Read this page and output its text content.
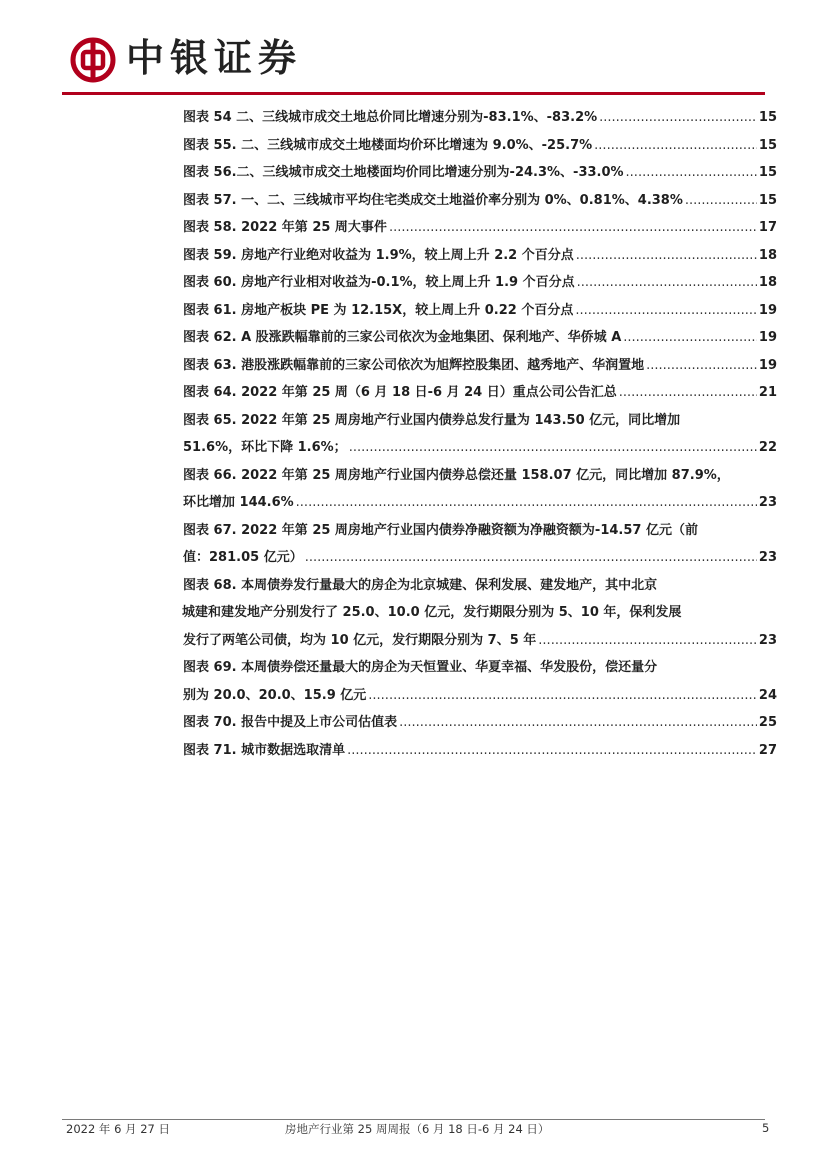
中银证券
图表 54 二、三线城市成交土地总价同比增速分别为-83.1%、-83.2% .....	15
图表 55. 二、三线城市成交土地楼面均价环比增速为 9.0%、-25.7% .....	15
图表 56.二、三线城市成交土地楼面均价同比增速分别为-24.3%、-33.0% .....	15
图表 57. 一、二、三线城市平均住宅类成交土地溢价率分别为 0%、0.81%、4.38% .....	15
图表 58. 2022 年第 25 周大事件 .....	17
图表 59. 房地产行业绝对收益为 1.9%，较上周上升 2.2 个百分点 .....	18
图表 60. 房地产行业相对收益为-0.1%，较上周上升 1.9 个百分点 .....	18
图表 61. 房地产板块 PE 为 12.15X，较上周上升 0.22 个百分点 .....	19
图表 62. A 股涨跌幅靠前的三家公司依次为金地集团、保利地产、华侨城 A .....	19
图表 63. 港股涨跌幅靠前的三家公司依次为旭辉控股集团、越秀地产、华润置地 .....	19
图表 64. 2022 年第 25 周（6 月 18 日-6 月 24 日）重点公司公告汇总 .....	21
图表 65. 2022 年第 25 周房地产行业国内债券总发行量为 143.50 亿元，同比增加
51.6%，环比下降 1.6%； .....	22
图表 66. 2022 年第 25 周房地产行业国内债券总偿还量 158.07 亿元，同比增加 87.9%，
环比增加 144.6% .....	23
图表 67. 2022 年第 25 周房地产行业国内债券净融资额为净融资额为-14.57 亿元（前
值：281.05 亿元） .....	23
图表 68. 本周债券发行量最大的房企为北京城建、保利发展、建发地产，其中北京
城建和建发地产分别发行了 25.0、10.0 亿元，发行期限分别为 5、10 年，保利发展
发行了两笔公司债，均为 10 亿元，发行期限分别为 7、5 年 .....	23
图表 69. 本周债券偿还量最大的房企为天恒置业、华夏幸福、华发股份，偿还量分
别为 20.0、20.0、15.9 亿元 .....	24
图表 70. 报告中提及上市公司估值表 .....	25
图表 71. 城市数据选取清单 .....	27
2022 年 6 月 27 日	房地产行业第 25 周周报（6 月 18 日-6 月 24 日）	5
